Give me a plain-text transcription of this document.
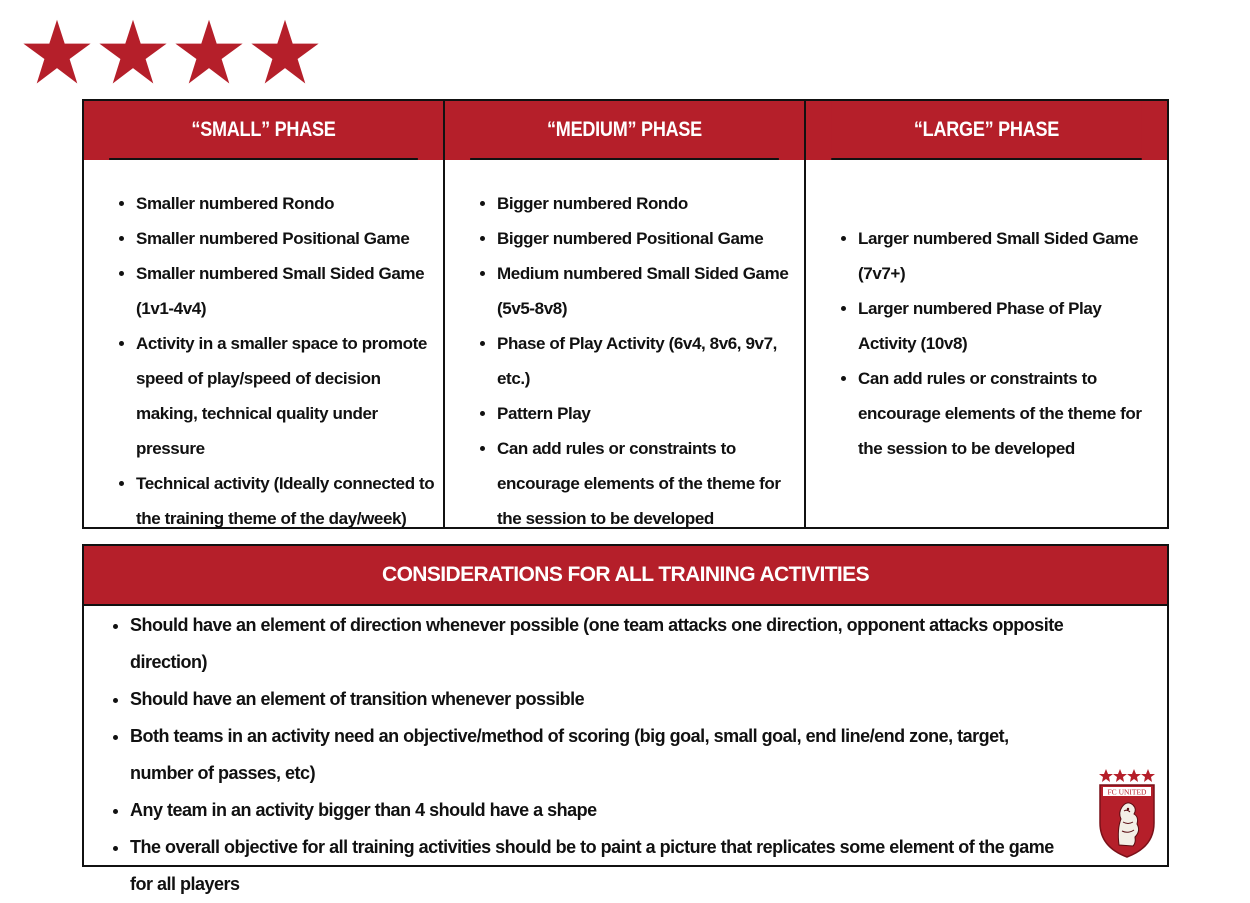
“SMALL” PHASE	“MEDIUM” PHASE	“LARGE” PHASE
• Smaller numbered Rondo
• Smaller numbered Positional Game
• Smaller numbered Small Sided Game (1v1-4v4)
• Activity in a smaller space to promote speed of play/speed of decision making, technical quality under pressure
• Technical activity (Ideally connected to the training theme of the day/week)
• Bigger numbered Rondo
• Bigger numbered Positional Game
• Medium numbered Small Sided Game (5v5-8v8)
• Phase of Play Activity (6v4, 8v6, 9v7, etc.)
• Pattern Play
• Can add rules or constraints to encourage elements of the theme for the session to be developed
• Larger numbered Small Sided Game (7v7+)
• Larger numbered Phase of Play Activity (10v8)
• Can add rules or constraints to encourage elements of the theme for the session to be developed
CONSIDERATIONS FOR ALL TRAINING ACTIVITIES
• Should have an element of direction whenever possible (one team attacks one direction, opponent attacks opposite direction)
• Should have an element of transition whenever possible
• Both teams in an activity need an objective/method of scoring (big goal, small goal, end line/end zone, target, number of passes, etc)
• Any team in an activity bigger than 4 should have a shape
• The overall objective for all training activities should be to paint a picture that replicates some element of the game for all players
FC UNITED
